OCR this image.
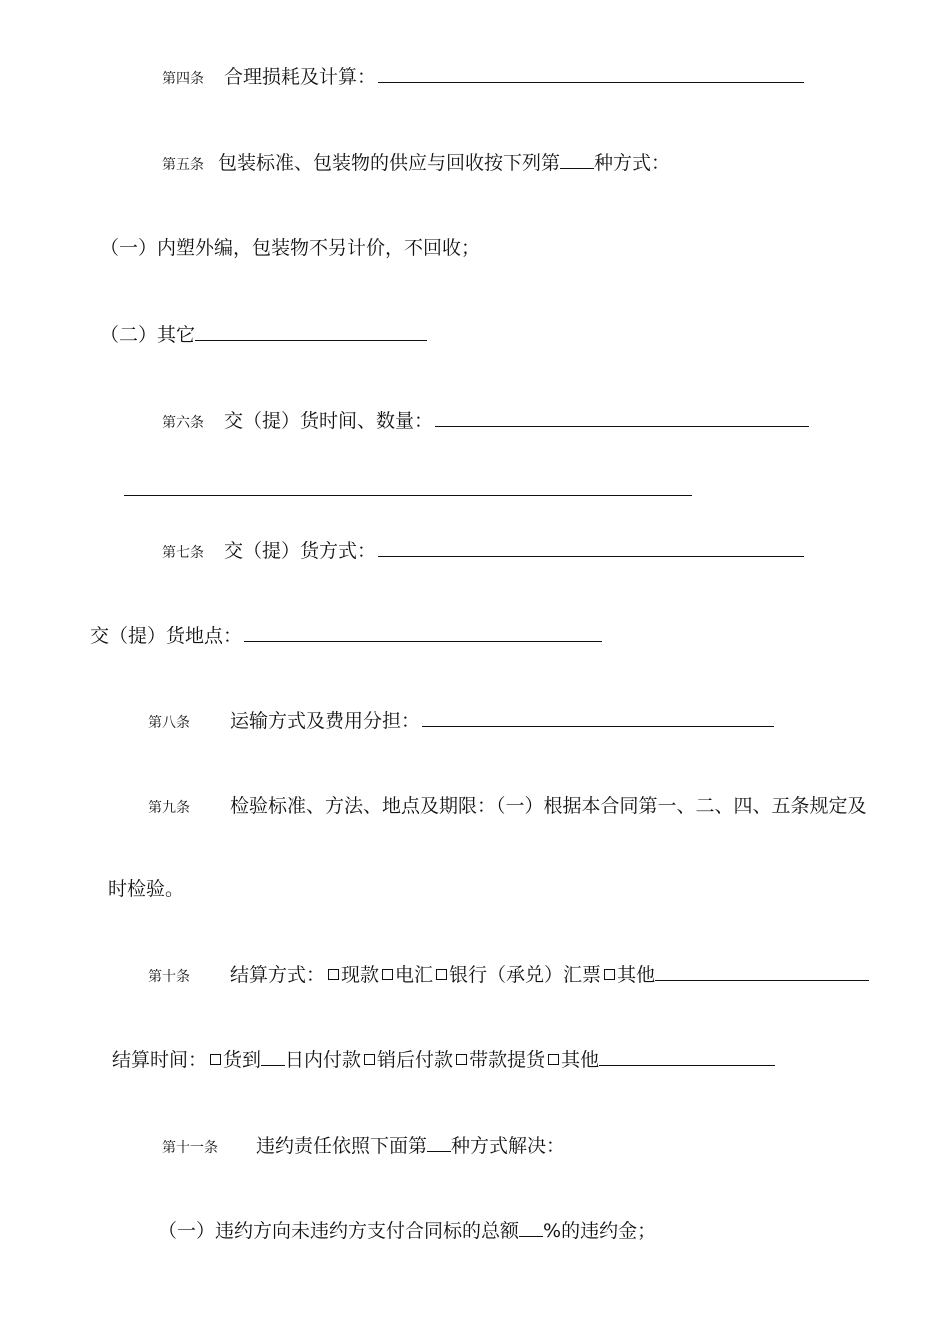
第四条 合理损耗及计算：
第五条 包装标准、包装物的供应与回收按下列第 种方式：
（一）内塑外编，包装物不另计价，不回收；
（二）其它
第六条 交（提）货时间、数量：
第七条 交（提）货方式：
交（提）货地点：
第八条 运输方式及费用分担：
第九条 检验标准、方法、地点及期限：（一）根据本合同第一、二、四、五条规定及
时检验。
第十条 结算方式： 现款 电汇 银行（承兑）汇票 其他
结算时间： 货到 日内付款 销后付款 带款提货 其他
第十一条 违约责任依照下面第 种方式解决：
（一）违约方向未违约方支付合同标的总额 %的违约金；
